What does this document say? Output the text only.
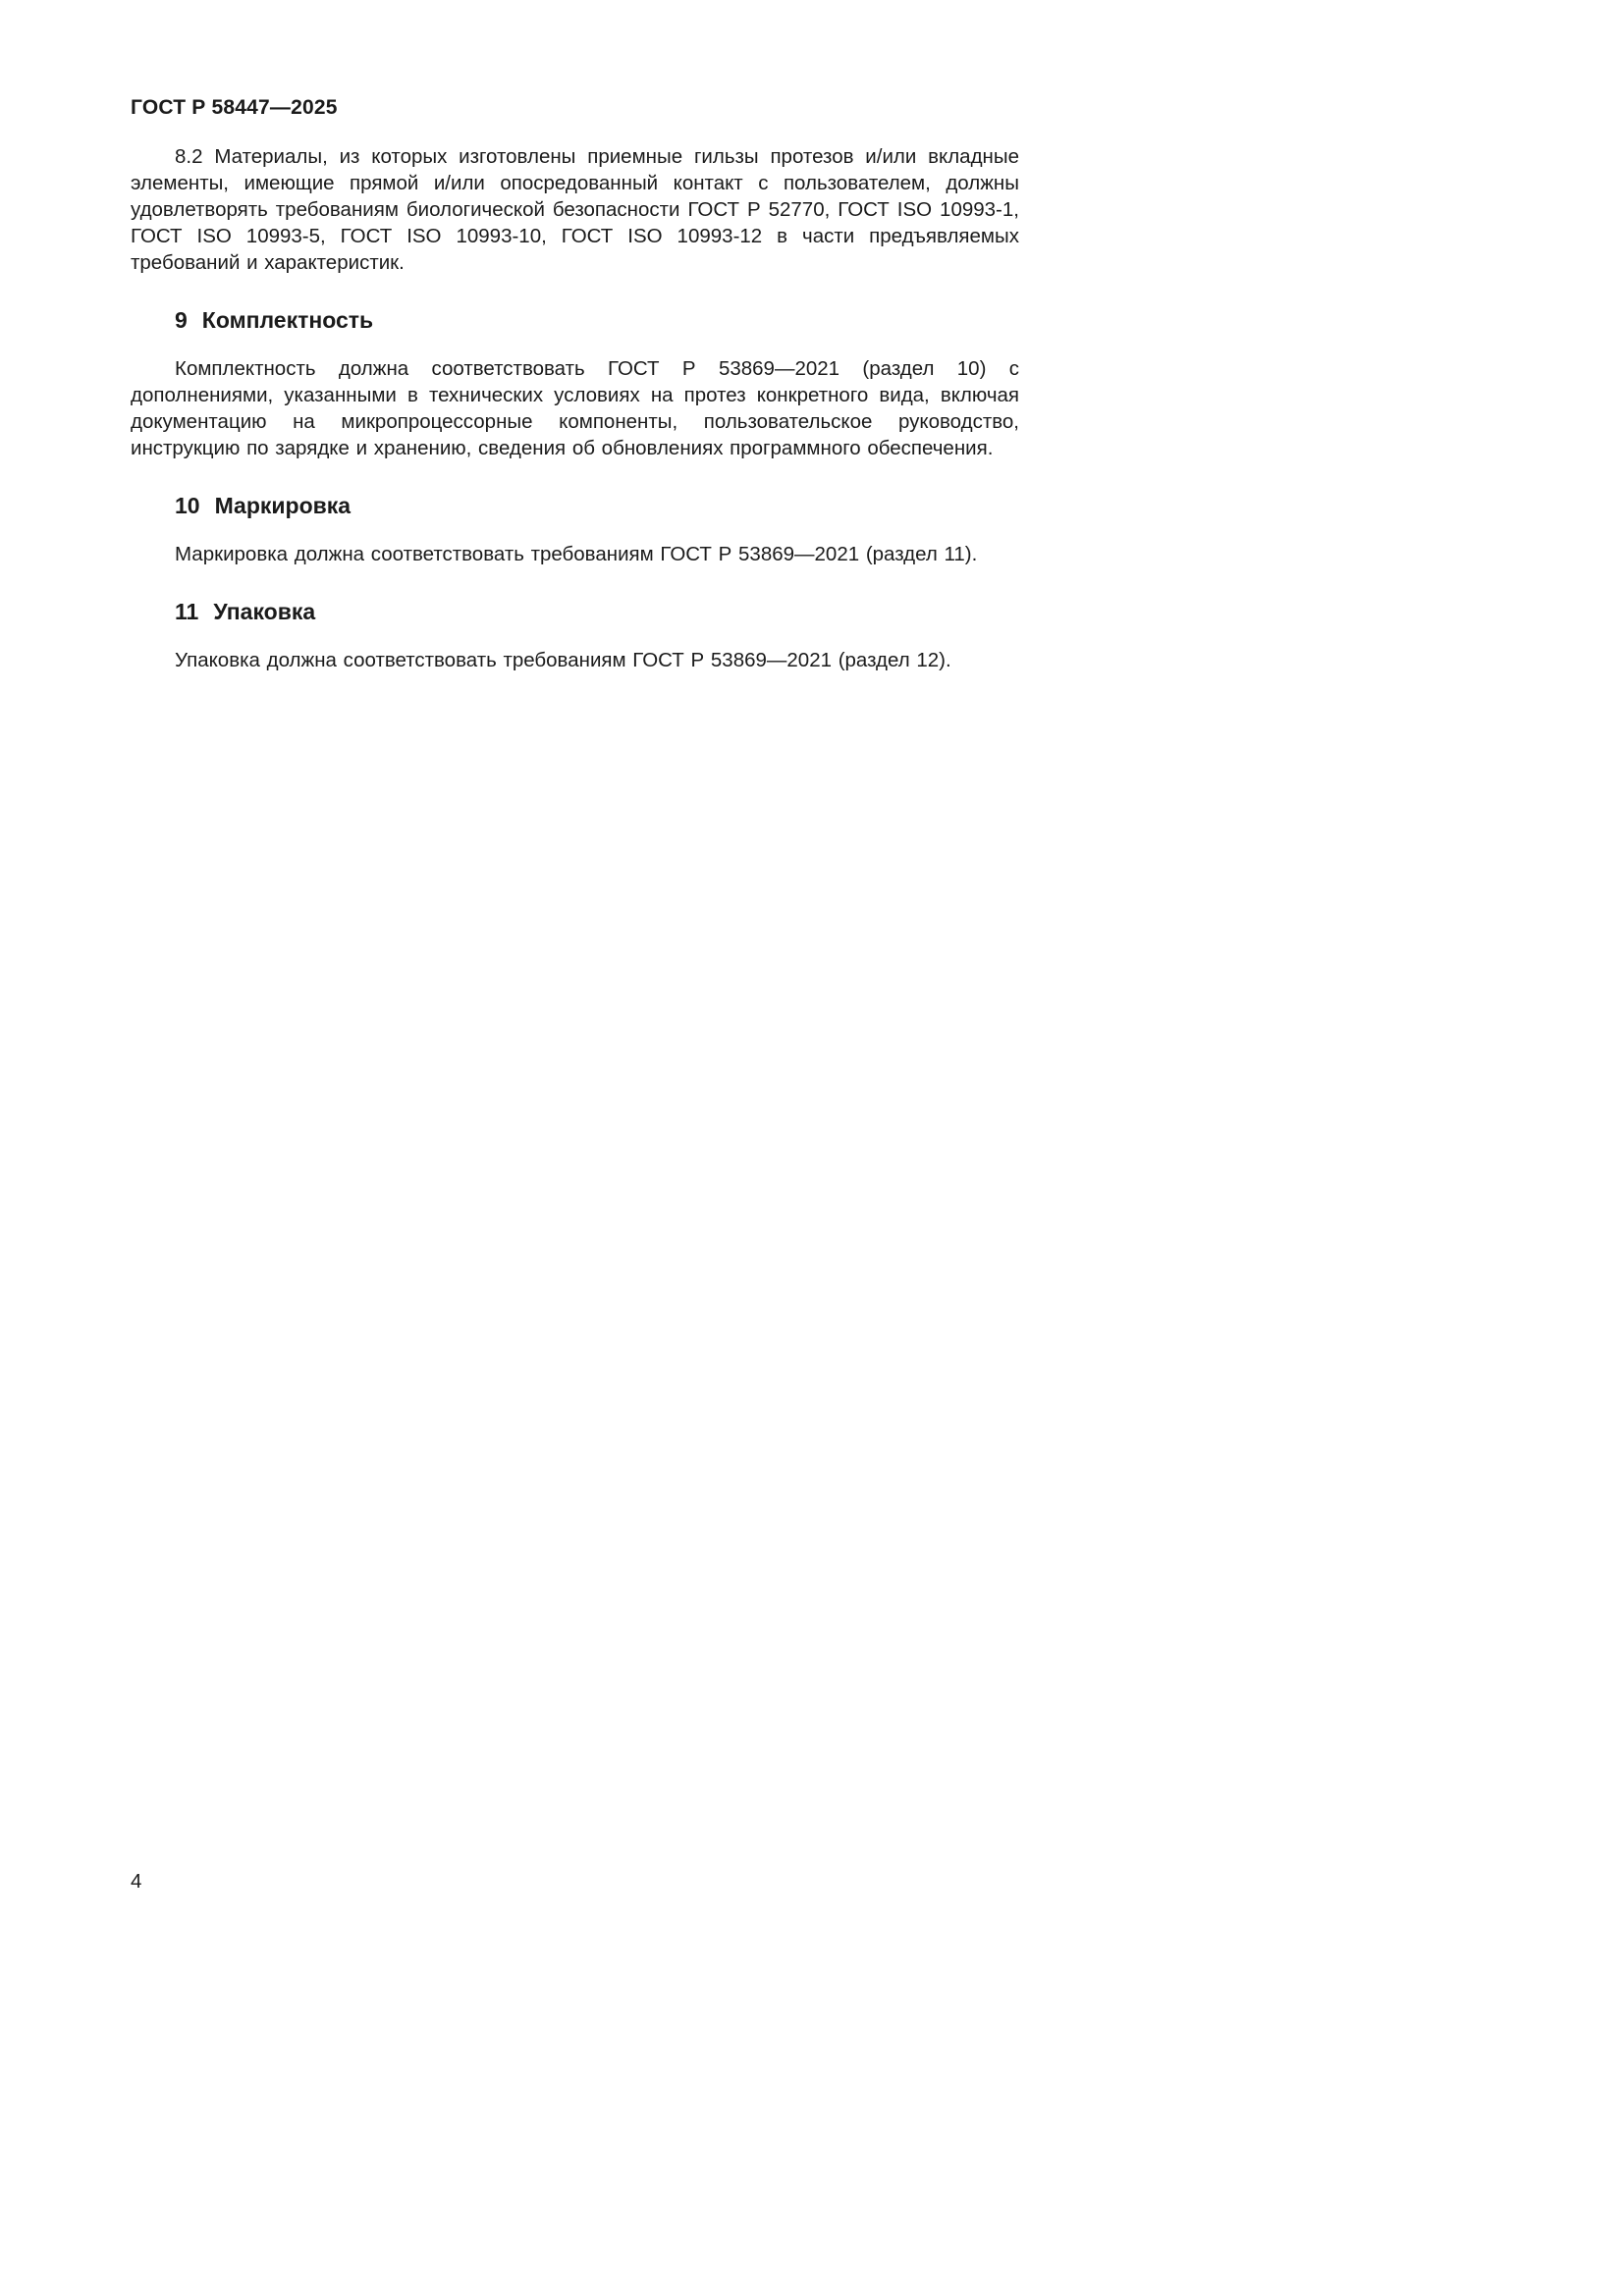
ГОСТ Р 58447—2025

8.2 Материалы, из которых изготовлены приемные гильзы протезов и/или вкладные элементы, имеющие прямой и/или опосредованный контакт с пользователем, должны удовлетворять требованиям биологической безопасности ГОСТ Р 52770, ГОСТ ISO 10993-1, ГОСТ ISO 10993-5, ГОСТ ISO 10993-10, ГОСТ ISO 10993-12 в части предъявляемых требований и характеристик.

9 Комплектность

Комплектность должна соответствовать ГОСТ Р 53869—2021 (раздел 10) с дополнениями, указанными в технических условиях на протез конкретного вида, включая документацию на микропроцессорные компоненты, пользовательское руководство, инструкцию по зарядке и хранению, сведения об обновлениях программного обеспечения.

10 Маркировка

Маркировка должна соответствовать требованиям ГОСТ Р 53869—2021 (раздел 11).

11 Упаковка

Упаковка должна соответствовать требованиям ГОСТ Р 53869—2021 (раздел 12).

4
